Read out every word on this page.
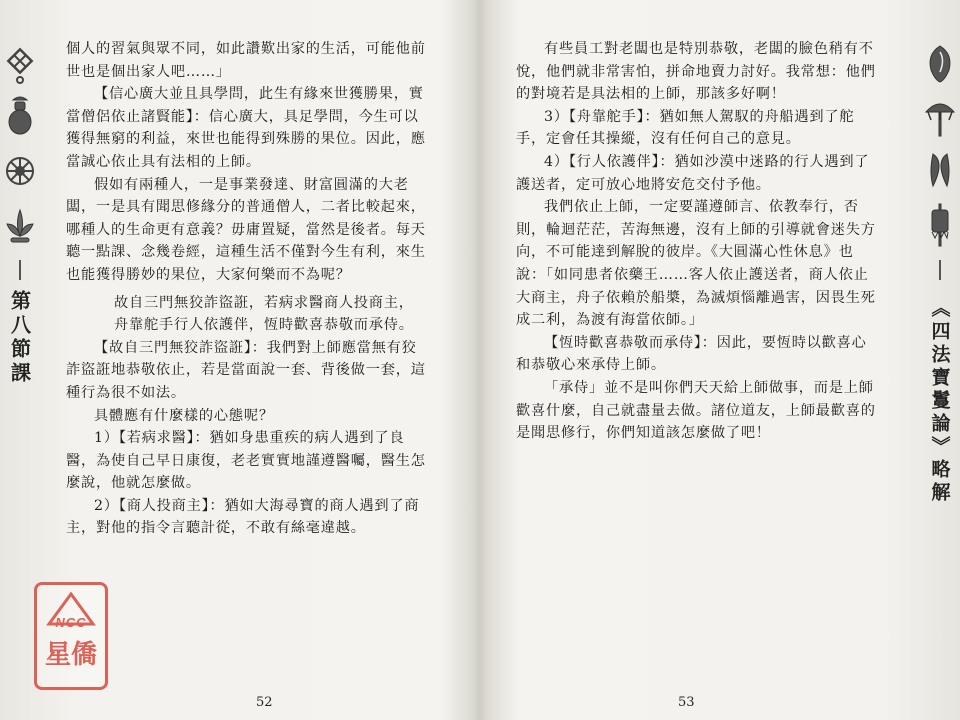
第八節課
個人的習氣與眾不同，如此讚歎出家的生活，可能他前
世也是個出家人吧……」
【信心廣大並且具學問，此生有緣來世獲勝果，實
當僧侶依止諸賢能】：信心廣大，具足學問，今生可以
獲得無窮的利益，來世也能得到殊勝的果位。因此，應
當誠心依止具有法相的上師。
假如有兩種人，一是事業發達、財富圓滿的大老
闆，一是具有聞思修緣分的普通僧人，二者比較起來，
哪種人的生命更有意義？毋庸置疑，當然是後者。每天
聽一點課、念幾卷經，這種生活不僅對今生有利，來生
也能獲得勝妙的果位，大家何樂而不為呢？
故自三門無狡詐盜誑，若病求醫商人投商主，
舟靠舵手行人依護伴，恆時歡喜恭敬而承侍。
【故自三門無狡詐盜誑】：我們對上師應當無有狡
詐盜誑地恭敬依止，若是當面說一套、背後做一套，這
種行為很不如法。
具體應有什麼樣的心態呢？
1）【若病求醫】：猶如身患重疾的病人遇到了良
醫，為使自己早日康復，老老實實地謹遵醫囑，醫生怎
麼說，他就怎麼做。
2）【商人投商主】：猶如大海尋寶的商人遇到了商
主，對他的指令言聽計從，不敢有絲毫違越。
52
有些員工對老闆也是特別恭敬，老闆的臉色稍有不
悅，他們就非常害怕，拼命地賣力討好。我常想：他們
的對境若是具法相的上師，那該多好啊！
3）【舟靠舵手】：猶如無人駕馭的舟船遇到了舵
手，定會任其操縱，沒有任何自己的意見。
4）【行人依護伴】：猶如沙漠中迷路的行人遇到了
護送者，定可放心地將安危交付予他。
我們依止上師，一定要謹遵師言、依教奉行，否
則，輪迴茫茫，苦海無邊，沒有上師的引導就會迷失方
向，不可能達到解脫的彼岸。《大圓滿心性休息》也
說：「如同患者依藥王……客人依止護送者，商人依止
大商主，舟子依賴於船槳，為滅煩惱離過害，因畏生死
成二利，為渡有海當依師。」
【恆時歡喜恭敬而承侍】：因此，要恆時以歡喜心
和恭敬心來承侍上師。
「承侍」並不是叫你們天天給上師做事，而是上師
歡喜什麼，自己就盡量去做。諸位道友，上師最歡喜的
是聞思修行，你們知道該怎麼做了吧！	《四法寶鬘論》略解
53
NCC
星僑
